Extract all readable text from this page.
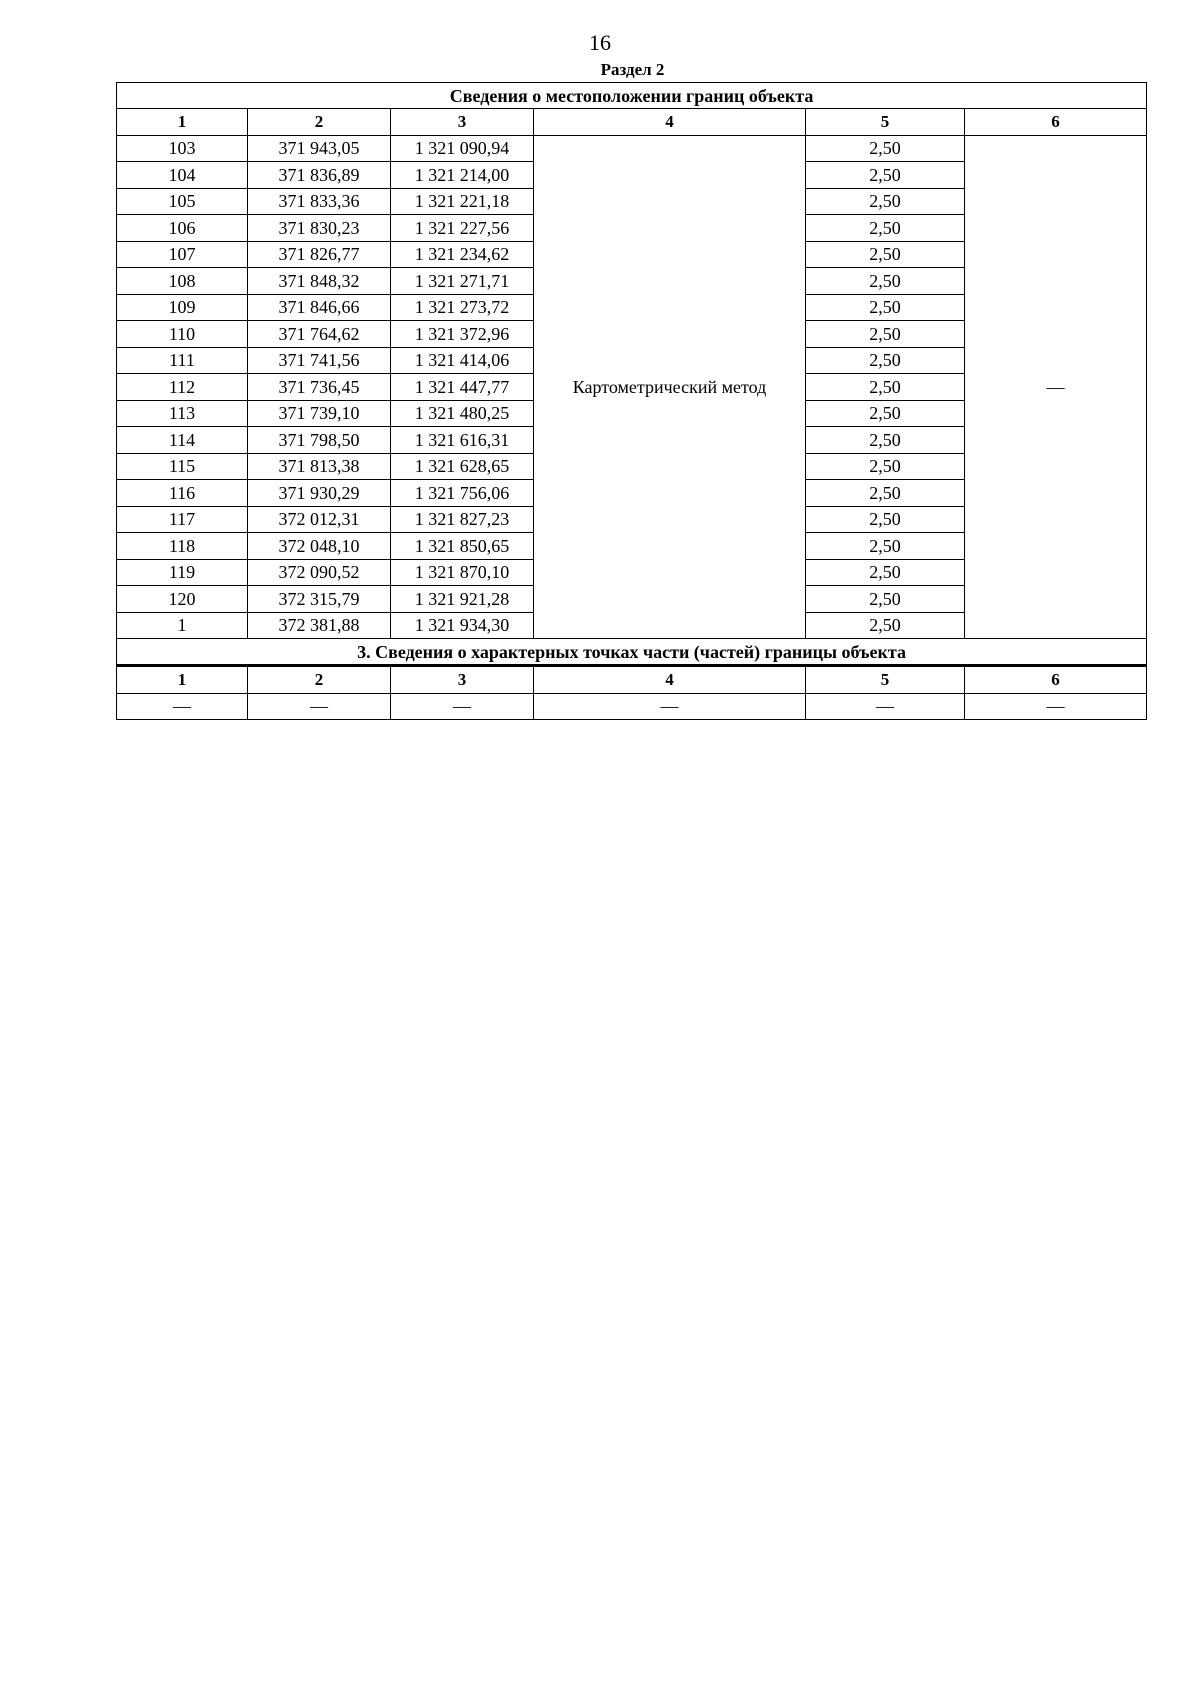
16
Раздел 2
Сведения о местоположении границ объекта					
1	2	3	4	5	6
103	371 943,05	1 321 090,94	Картометрический метод	2,50	—
104	371 836,89	1 321 214,00		2,50	
105	371 833,36	1 321 221,18		2,50	
106	371 830,23	1 321 227,56		2,50	
107	371 826,77	1 321 234,62		2,50	
108	371 848,32	1 321 271,71		2,50	
109	371 846,66	1 321 273,72		2,50	
110	371 764,62	1 321 372,96		2,50	
111	371 741,56	1 321 414,06		2,50	
112	371 736,45	1 321 447,77		2,50	
113	371 739,10	1 321 480,25		2,50	
114	371 798,50	1 321 616,31		2,50	
115	371 813,38	1 321 628,65		2,50	
116	371 930,29	1 321 756,06		2,50	
117	372 012,31	1 321 827,23		2,50	
118	372 048,10	1 321 850,65		2,50	
119	372 090,52	1 321 870,10		2,50	
120	372 315,79	1 321 921,28		2,50	
1	372 381,88	1 321 934,30		2,50	
3. Сведения о характерных точках части (частей) границы объекта					
1	2	3	4	5	6
—	—	—	—	—	—
